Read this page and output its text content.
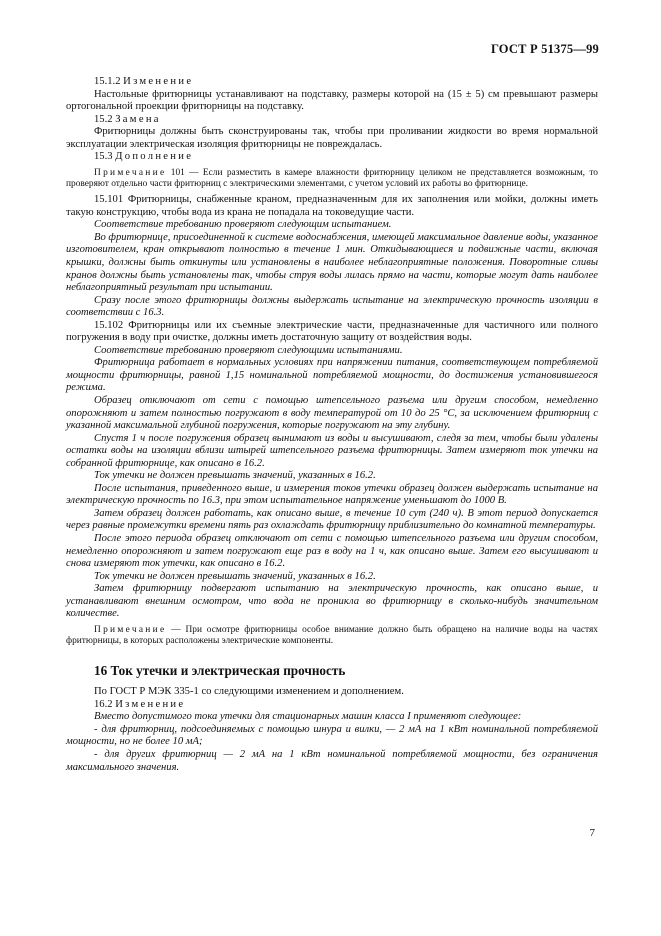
ГОСТ Р 51375—99

15.1.2 Изменение

Настольные фритюрницы устанавливают на подставку, размеры которой на (15 ± 5) см превышают размеры ортогональной проекции фритюрницы на подставку.

15.2 Замена

Фритюрницы должны быть сконструированы так, чтобы при проливании жидкости во время нормальной эксплуатации электрическая изоляция фритюрницы не повреждалась.

15.3 Дополнение

Примечание 101 — Если разместить в камере влажности фритюрницу целиком не представляется возможным, то проверяют отдельно части фритюрниц с электрическими элементами, с учетом условий их работы во фритюрнице.

15.101 Фритюрницы, снабженные краном, предназначенным для их заполнения или мойки, должны иметь такую конструкцию, чтобы вода из крана не попадала на токоведущие части.

Соответствие требованию проверяют следующим испытанием.

Во фритюрнице, присоединенной к системе водоснабжения, имеющей максимальное давление воды, указанное изготовителем, кран открывают полностью в течение 1 мин. Откидывающиеся и подвижные части, включая крышки, должны быть откинуты или установлены в наиболее неблагоприятные положения. Поворотные сливы кранов должны быть установлены так, чтобы струя воды лилась прямо на части, которые могут дать наиболее неблагоприятный результат при испытании.

Сразу после этого фритюрницы должны выдержать испытание на электрическую прочность изоляции в соответствии с 16.3.

15.102 Фритюрницы или их съемные электрические части, предназначенные для частичного или полного погружения в воду при очистке, должны иметь достаточную защиту от воздействия воды.

Соответствие требованию проверяют следующими испытаниями.

Фритюрница работает в нормальных условиях при напряжении питания, соответствующем потребляемой мощности фритюрницы, равной 1,15 номинальной потребляемой мощности, до достижения установившегося режима.

Образец отключают от сети с помощью штепсельного разъема или другим способом, немедленно опорожняют и затем полностью погружают в воду температурой от 10 до 25 °С, за исключением фритюрниц с указанной максимальной глубиной погружения, которые погружают на эту глубину.

Спустя 1 ч после погружения образец вынимают из воды и высушивают, следя за тем, чтобы были удалены остатки воды на изоляции вблизи штырей штепсельного разъема фритюрницы. Затем измеряют ток утечки на собранной фритюрнице, как описано в 16.2.

Ток утечки не должен превышать значений, указанных в 16.2.

После испытания, приведенного выше, и измерения токов утечки образец должен выдержать испытание на электрическую прочность по 16.3, при этом испытательное напряжение уменьшают до 1000 В.

Затем образец должен работать, как описано выше, в течение 10 сут (240 ч). В этот период допускается через равные промежутки времени пять раз охлаждать фритюрницу приблизительно до комнатной температуры.

После этого периода образец отключают от сети с помощью штепсельного разъема или другим способом, немедленно опорожняют и затем погружают еще раз в воду на 1 ч, как описано выше. Затем его высушивают и снова измеряют ток утечки, как описано в 16.2.

Ток утечки не должен превышать значений, указанных в 16.2.

Затем фритюрницу подвергают испытанию на электрическую прочность, как описано выше, и устанавливают внешним осмотром, что вода не проникла во фритюрницу в сколько-нибудь значительном количестве.

Примечание — При осмотре фритюрницы особое внимание должно быть обращено на наличие воды на частях фритюрницы, в которых расположены электрические компоненты.

16 Ток утечки и электрическая прочность

По ГОСТ Р МЭК 335-1 со следующими изменением и дополнением.

16.2 Изменение

Вместо допустимого тока утечки для стационарных машин класса I применяют следующее:

- для фритюрниц, подсоединяемых с помощью шнура и вилки, — 2 мА на 1 кВт номинальной потребляемой мощности, но не более 10 мА;

- для других фритюрниц — 2 мА на 1 кВт номинальной потребляемой мощности, без ограничения максимального значения.

7
